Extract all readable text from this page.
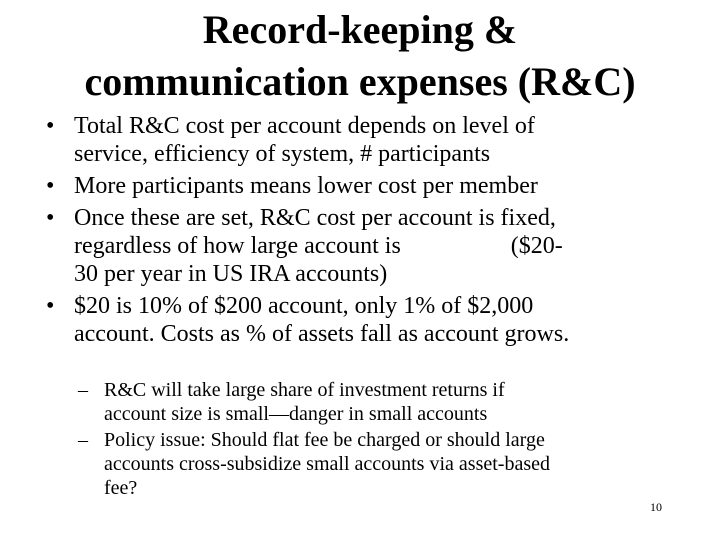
Record-keeping &
communication expenses (R&C)
• Total R&C cost per account depends on level of
service, efficiency of system, # participants
• More participants means lower cost per member
• Once these are set, R&C cost per account is fixed,
regardless of how large account is	($20-
30 per year in US IRA accounts)
• $20 is 10% of $200 account, only 1% of $2,000
account. Costs as % of assets fall as account grows.
– R&C will take large share of investment returns if
account size is small—danger in small accounts
– Policy issue: Should flat fee be charged or should large
accounts cross-subsidize small accounts via asset-based
fee?
10
